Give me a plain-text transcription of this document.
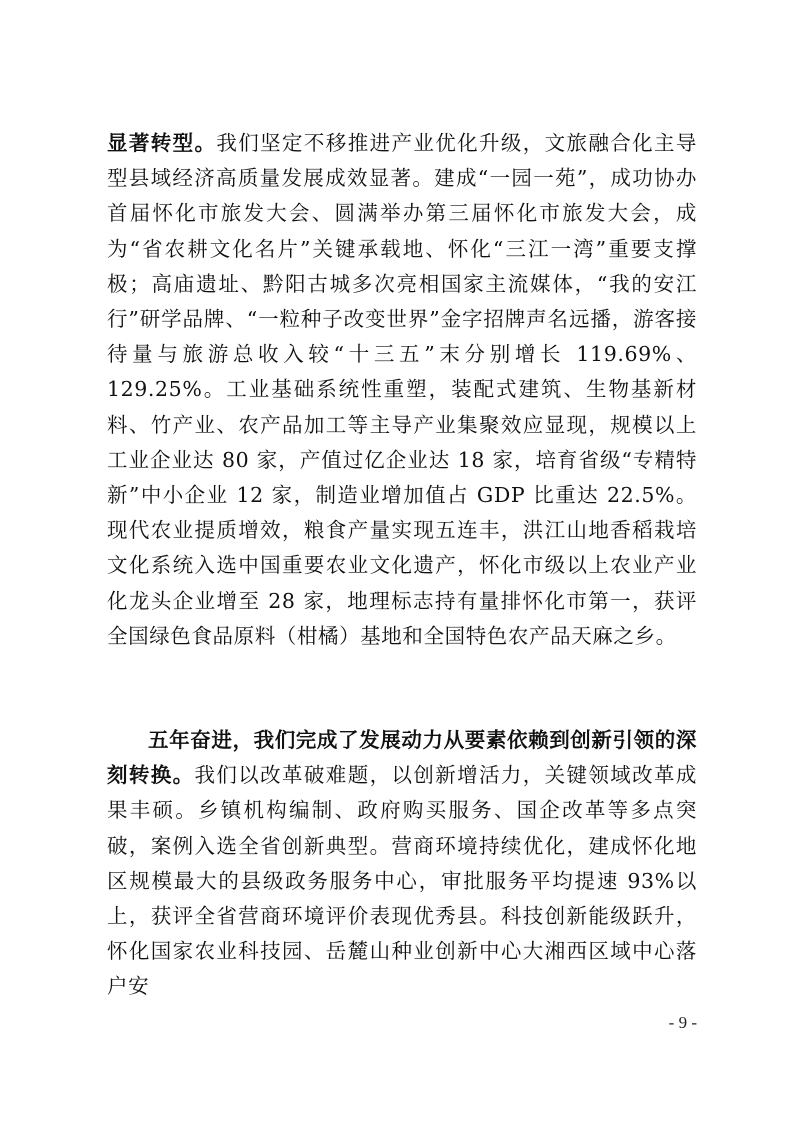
显著转型。我们坚定不移推进产业优化升级，文旅融合化主导型县域经济高质量发展成效显著。建成“一园一苑”，成功协办首届怀化市旅发大会、圆满举办第三届怀化市旅发大会，成为“省农耕文化名片”关键承载地、怀化“三江一湾”重要支撑极；高庙遗址、黔阳古城多次亮相国家主流媒体，“我的安江行”研学品牌、“一粒种子改变世界”金字招牌声名远播，游客接待量与旅游总收入较“十三五”末分别增长 119.69%、129.25%。工业基础系统性重塑，装配式建筑、生物基新材料、竹产业、农产品加工等主导产业集聚效应显现，规模以上工业企业达 80 家，产值过亿企业达 18 家，培育省级“专精特新”中小企业 12 家，制造业增加值占 GDP 比重达 22.5%。现代农业提质增效，粮食产量实现五连丰，洪江山地香稻栽培文化系统入选中国重要农业文化遗产，怀化市级以上农业产业化龙头企业增至 28 家，地理标志持有量排怀化市第一，获评全国绿色食品原料（柑橘）基地和全国特色农产品天麻之乡。

五年奋进，我们完成了发展动力从要素依赖到创新引领的深刻转换。我们以改革破难题，以创新增活力，关键领域改革成果丰硕。乡镇机构编制、政府购买服务、国企改革等多点突破，案例入选全省创新典型。营商环境持续优化，建成怀化地区规模最大的县级政务服务中心，审批服务平均提速 93%以上，获评全省营商环境评价表现优秀县。科技创新能级跃升，怀化国家农业科技园、岳麓山种业创新中心大湘西区域中心落户安

- 9 -
